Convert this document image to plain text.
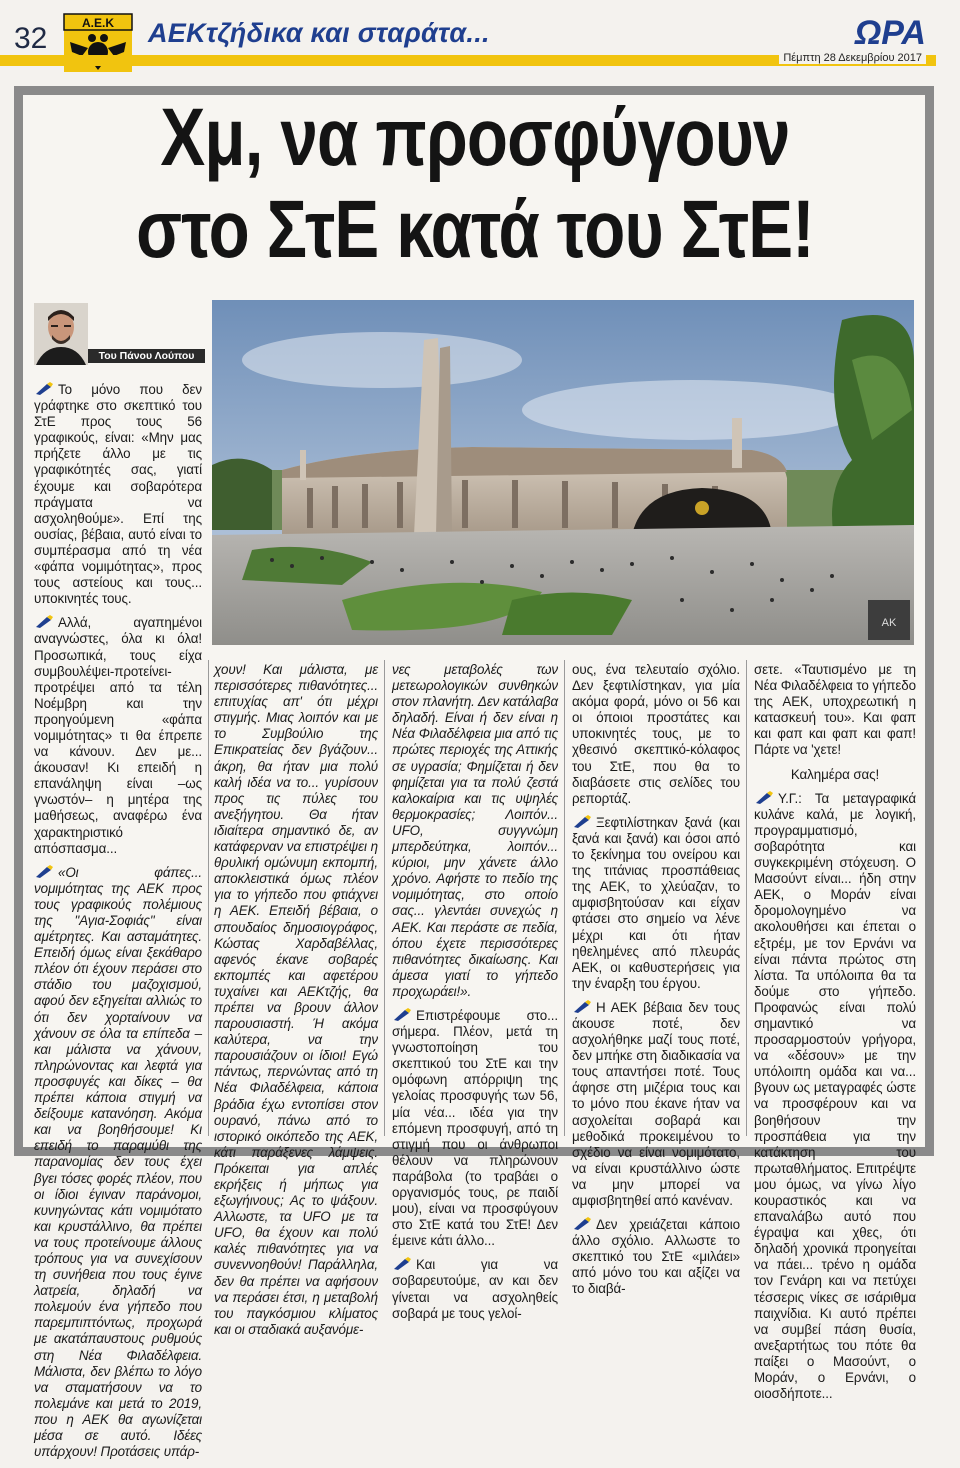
32	Α.Ε.Κ ΑΕΚτζήδικα και σταράτα...	ΩΡΑ
Πέμπτη 28 Δεκεμβρίου 2017
Χμ, να προσφύγουν
στο ΣτΕ κατά του ΣτΕ!
Του Πάνου Λούπου
ΑΚ

Το μόνο που δεν γράφτηκε στο σκεπτικό του ΣτΕ προς τους 56 γραφικούς, είναι: «Μην μας πρήζετε άλλο με τις γραφικότητές σας, γιατί έχουμε και σοβαρότερα πράγματα να ασχοληθούμε». Επί της ουσίας, βέβαια, αυτό είναι το συμπέρασμα από τη νέα «φάπα νομιμότητας», προς τους αστείους και τους... υποκινητές τους.

Αλλά, αγαπημένοι αναγνώστες, όλα κι όλα! Προσωπικά, τους είχα συμβουλέψει-προτείνει-προτρέψει από τα τέλη Νοέμβρη και την προηγούμενη «φάπα νομιμότητας» τι θα έπρεπε να κάνουν. Δεν με... άκουσαν! Κι επειδή η επανάληψη είναι –ως γνωστόν– η μητέρα της μαθήσεως, αναφέρω ένα χαρακτηριστικό απόσπασμα...

«Οι φάπες... νομιμότητας της ΑΕΚ προς τους γραφικούς πολέμιους της "Αγια-Σοφιάς" είναι αμέτρητες. Και ασταμάτητες. Επειδή όμως είναι ξεκάθαρο πλέον ότι έχουν περάσει στο στάδιο του μαζοχισμού, αφού δεν εξηγείται αλλιώς το ότι δεν χορταίνουν να χάνουν σε όλα τα επίπεδα – και μάλιστα να χάνουν, πληρώνοντας και λεφτά για προσφυγές και δίκες – θα πρέπει κάποια στιγμή να δείξουμε κατανόηση. Ακόμα και να βοηθήσουμε! Κι επειδή το παραμύθι της παρανομίας δεν τους έχει βγει τόσες φορές πλέον, που οι ίδιοι έγιναν παράνομοι, κυνηγώντας κάτι νομιμότατο και κρυστάλλινο, θα πρέπει να τους προτείνουμε άλλους τρόπους για να συνεχίσουν τη συνήθεια που τους έγινε λατρεία, δηλαδή να πολεμούν ένα γήπεδο που παρεμπιπτόντως, προχωρά με ακατάπαυστους ρυθμούς στη Νέα Φιλαδέλφεια. Μάλιστα, δεν βλέπω το λόγο να σταματήσουν να το πολεμάνε και μετά το 2019, που η ΑΕΚ θα αγωνίζεται μέσα σε αυτό. Ιδέες υπάρχουν! Προτάσεις υπάρ-

χουν! Και μάλιστα, με περισσότερες πιθανότητες... επιτυχίας απ' ότι μέχρι στιγμής. Μιας λοιπόν και με το Συμβούλιο της Επικρατείας δεν βγάζουν... άκρη, θα ήταν μια πολύ καλή ιδέα να το... γυρίσουν προς τις πύλες του ανεξήγητου. Θα ήταν ιδιαίτερα σημαντικό δε, αν κατάφερναν να επιστρέψει η θρυλική ομώνυμη εκπομπή, αποκλειστικά όμως πλέον για το γήπεδο που φτιάχνει η ΑΕΚ. Επειδή βέβαια, ο σπουδαίος δημοσιογράφος, Κώστας Χαρδαβέλλας, αφενός έκανε σοβαρές εκπομπές και αφετέρου τυχαίνει και ΑΕΚτζής, θα πρέπει να βρουν άλλον παρουσιαστή. Ή ακόμα καλύτερα, να την παρουσιάζουν οι ίδιοι! Εγώ πάντως, περνώντας από τη Νέα Φιλαδέλφεια, κάποια βράδια έχω εντοπίσει στον ουρανό, πάνω από το ιστορικό οικόπεδο της ΑΕΚ, κάτι παράξενες λάμψεις. Πρόκειται για απλές εκρήξεις ή μήπως για εξωγήινους; Ας το ψάξουν. Αλλωστε, τα UFO με τα UFO, θα έχουν και πολύ καλές πιθανότητες για να συνεννοηθούν! Παράλληλα, δεν θα πρέπει να αφήσουν να περάσει έτσι, η μεταβολή του παγκόσμιου κλίματος και οι σταδιακά αυξανόμε-

νες μεταβολές των μετεωρολογικών συνθηκών στον πλανήτη. Δεν κατάλαβα δηλαδή. Είναι ή δεν είναι η Νέα Φιλαδέλφεια μια από τις πρώτες περιοχές της Αττικής σε υγρασία; Φημίζεται ή δεν φημίζεται για τα πολύ ζεστά καλοκαίρια και τις υψηλές θερμοκρασίες; Λοιπόν... UFO, συγγνώμη μπερδεύτηκα, λοιπόν... κύριοι, μην χάνετε άλλο χρόνο. Αφήστε το πεδίο της νομιμότητας, στο οποίο σας... γλεντάει συνεχώς η ΑΕΚ. Και περάστε σε πεδία, όπου έχετε περισσότερες πιθανότητες δικαίωσης. Και άμεσα γιατί το γήπεδο προχωράει!».

Επιστρέφουμε στο... σήμερα. Πλέον, μετά τη γνωστοποίηση του σκεπτικού του ΣτΕ και την ομόφωνη απόρριψη της γελοίας προσφυγής των 56, μία νέα... ιδέα για την επόμενη προσφυγή, από τη στιγμή που οι άνθρωποι θέλουν να πληρώνουν παράβολα (το τραβάει ο οργανισμός τους, ρε παιδί μου), είναι να προσφύγουν στο ΣτΕ κατά του ΣτΕ! Δεν έμεινε κάτι άλλο...

Και για να σοβαρευτούμε, αν και δεν γίνεται να ασχοληθείς σοβαρά με τους γελοί-

ους, ένα τελευταίο σχόλιο. Δεν ξεφτιλίστηκαν, για μία ακόμα φορά, μόνο οι 56 και οι όποιοι προστάτες και υποκινητές τους, με το χθεσινό σκεπτικό-κόλαφος του ΣτΕ, που θα το διαβάσετε στις σελίδες του ρεπορτάζ.

Ξεφτιλίστηκαν ξανά (και ξανά και ξανά) και όσοι από το ξεκίνημα του ονείρου και της τιτάνιας προσπάθειας της ΑΕΚ, το χλεύαζαν, το αμφισβητούσαν και είχαν φτάσει στο σημείο να λένε μέχρι και ότι ήταν ηθελημένες από πλευράς ΑΕΚ, οι καθυστερήσεις για την έναρξη του έργου.

Η ΑΕΚ βέβαια δεν τους άκουσε ποτέ, δεν ασχολήθηκε μαζί τους ποτέ, δεν μπήκε στη διαδικασία να τους απαντήσει ποτέ. Τους άφησε στη μιζέρια τους και το μόνο που έκανε ήταν να ασχολείται σοβαρά και μεθοδικά προκειμένου το σχέδιο να είναι νομιμότατο, να είναι κρυστάλλινο ώστε να μην μπορεί να αμφισβητηθεί από κανέναν.

Δεν χρειάζεται κάποιο άλλο σχόλιο. Αλλωστε το σκεπτικό του ΣτΕ «μιλάει» από μόνο του και αξίζει να το διαβά-

σετε. «Ταυτισμένο με τη Νέα Φιλαδέλφεια το γήπεδο της ΑΕΚ, υποχρεωτική η κατασκευή του». Και φαπ και φαπ και φαπ και φαπ! Πάρτε να 'χετε!

Καλημέρα σας!

Υ.Γ.: Τα μεταγραφικά κυλάνε καλά, με λογική, προγραμματισμό, σοβαρότητα και συγκεκριμένη στόχευση. Ο Μασούντ είναι... ήδη στην ΑΕΚ, ο Μοράν είναι δρομολογημένο να ακολουθήσει και έπεται ο εξτρέμ, με τον Ερνάνι να είναι πάντα πρώτος στη λίστα. Τα υπόλοιπα θα τα δούμε στο γήπεδο. Προφανώς είναι πολύ σημαντικό να προσαρμοστούν γρήγορα, να «δέσουν» με την υπόλοιπη ομάδα και να... βγουν ως μεταγραφές ώστε να προσφέρουν και να βοηθήσουν την προσπάθεια για την κατάκτηση του πρωταθλήματος. Επιτρέψτε μου όμως, να γίνω λίγο κουραστικός και να επαναλάβω αυτό που έγραψα και χθες, ότι δηλαδή χρονικά προηγείται να πάει... τρένο η ομάδα τον Γενάρη και να πετύχει τέσσερις νίκες σε ισάριθμα παιχνίδια. Κι αυτό πρέπει να συμβεί πάση θυσία, ανεξαρτήτως του πότε θα παίξει ο Μασούντ, ο Μοράν, ο Ερνάνι, ο οιοσδήποτε...
